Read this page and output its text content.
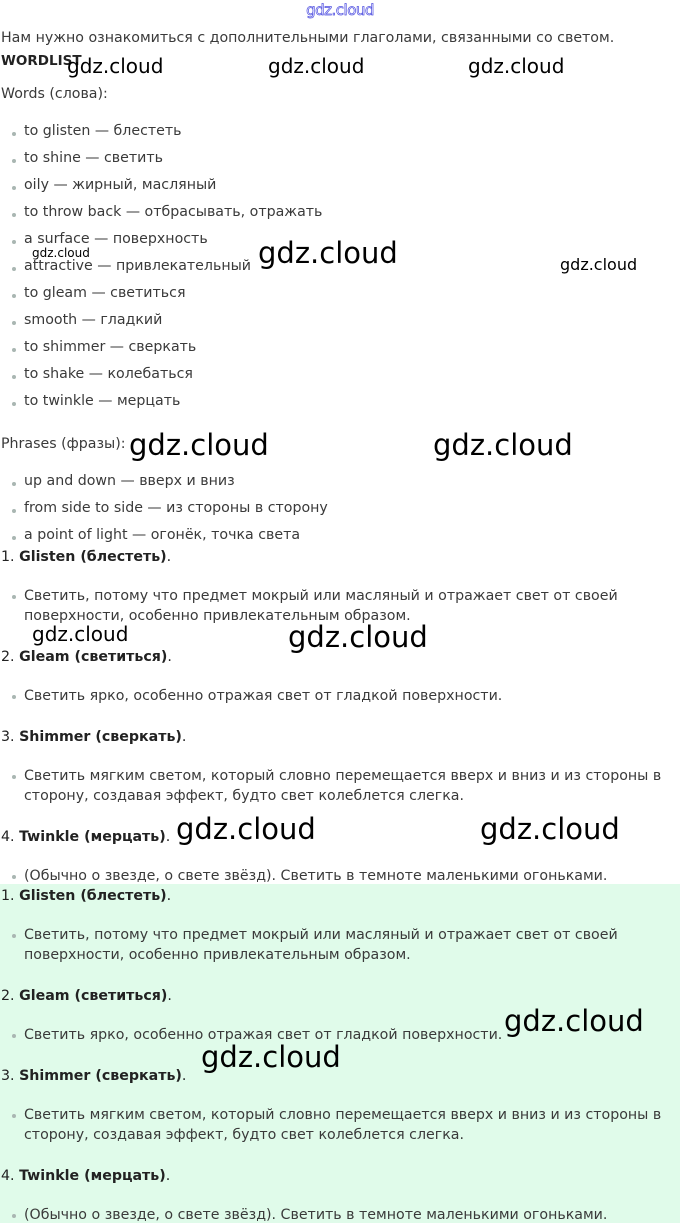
gdz.cloud
Нам нужно ознакомиться с дополнительными глаголами, связанными со светом.
WORDLIST
Words (слова):
to glisten — блестеть
to shine — светить
oily — жирный, масляный
to throw back — отбрасывать, отражать
a surface — поверхность
attractive — привлекательный
to gleam — светиться
smooth — гладкий
to shimmer — сверкать
to shake — колебаться
to twinkle — мерцать
Phrases (фразы):
up and down — вверх и вниз
from side to side — из стороны в сторону
a point of light — огонёк, точка света
1. Glisten (блестеть).
Светить, потому что предмет мокрый или масляный и отражает свет от своей поверхности, особенно привлекательным образом.
2. Gleam (светиться).
Светить ярко, особенно отражая свет от гладкой поверхности.
3. Shimmer (сверкать).
Светить мягким светом, который словно перемещается вверх и вниз и из стороны в сторону, создавая эффект, будто свет колеблется слегка.
4. Twinkle (мерцать).
(Обычно о звезде, о свете звёзд). Светить в темноте маленькими огоньками.
1. Glisten (блестеть).
Светить, потому что предмет мокрый или масляный и отражает свет от своей поверхности, особенно привлекательным образом.
2. Gleam (светиться).
Светить ярко, особенно отражая свет от гладкой поверхности.
3. Shimmer (сверкать).
Светить мягким светом, который словно перемещается вверх и вниз и из стороны в сторону, создавая эффект, будто свет колеблется слегка.
4. Twinkle (мерцать).
(Обычно о звезде, о свете звёзд). Светить в темноте маленькими огоньками.
gdz.cloud	gdz.cloud	gdz.cloud
gdz.cloud	gdz.cloud	gdz.cloud
gdz.cloud	gdz.cloud
gdz.cloud	gdz.cloud
gdz.cloud	gdz.cloud
gdz.cloud
gdz.cloud
